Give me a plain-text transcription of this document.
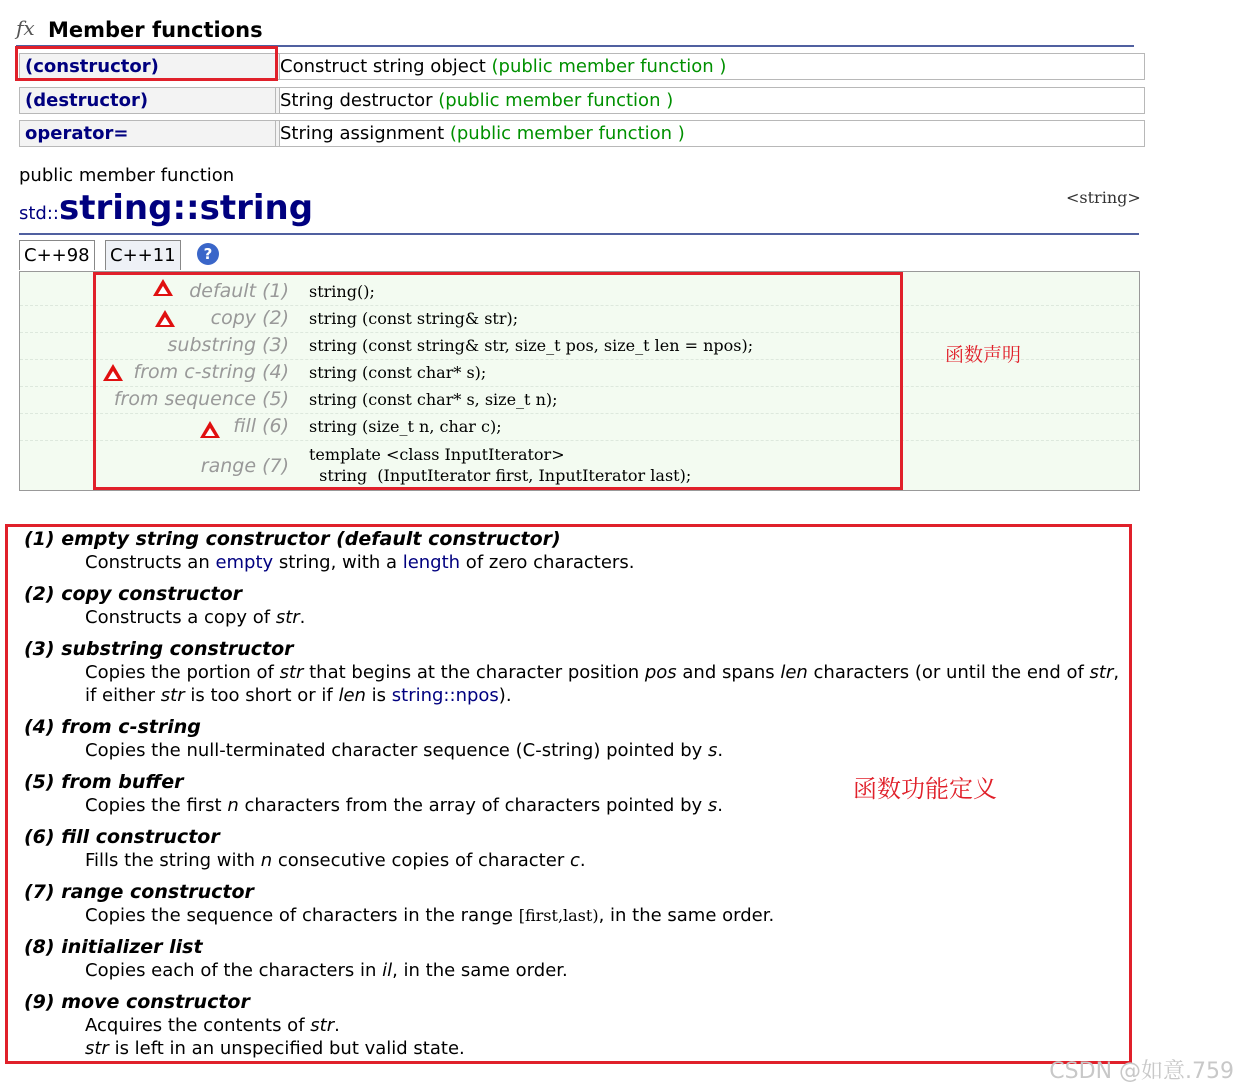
fx Member functions
(constructor)	Construct string object (public member function )
(destructor)	String destructor (public member function )
operator=	String assignment (public member function )
public member function
std::string::string	<string>
C++98 C++11	?
default (1) string();
copy (2) string (const string& str);
substring (3) string (const string& str, size_t pos, size_t len = npos);
from c-string (4) string (const char* s);
from sequence (5) string (const char* s, size_t n);
fill (6) string (size_t n, char c);
range (7)
template <class InputIterator>
string  (InputIterator first, InputIterator last);
函数声明
函数功能定义
(1) empty string constructor (default constructor)
Constructs an empty string, with a length of zero characters.
(2) copy constructor
Constructs a copy of str.
(3) substring constructor
Copies the portion of str that begins at the character position pos and spans len characters (or until the end of str, if either str is too short or if len is string::npos).
(4) from c-string
Copies the null-terminated character sequence (C-string) pointed by s.
(5) from buffer
Copies the first n characters from the array of characters pointed by s.
(6) fill constructor
Fills the string with n consecutive copies of character c.
(7) range constructor
Copies the sequence of characters in the range [first,last), in the same order.
(8) initializer list
Copies each of the characters in il, in the same order.
(9) move constructor
Acquires the contents of str.
str is left in an unspecified but valid state.
CSDN @如意.759
